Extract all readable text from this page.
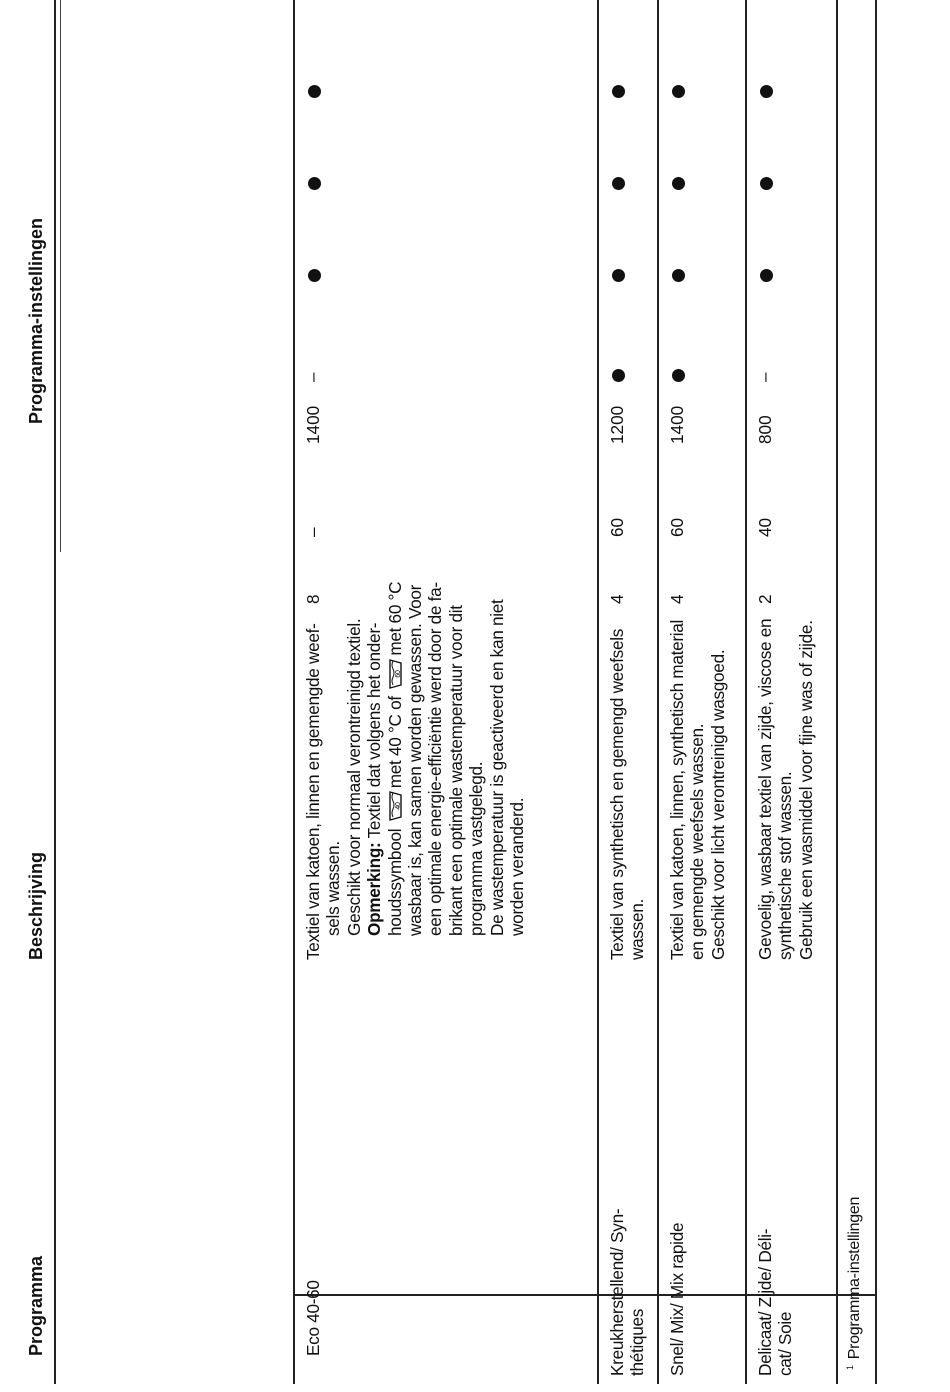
Programma
Beschrijving
Programma-instellingen
Eco 40-60
Textiel van katoen, linnen en gemengde weef- sels wassen. Geschikt voor normaal verontreinigd textiel. Opmerking: Textiel dat volgens het onder-
houdssymbool
40
met 40 °C of
60
met 60 °C wasbaar is, kan samen worden gewassen. Voor een optimale energie-efficiëntie werd door de fa- brikant een optimale wastemperatuur voor dit programma vastgelegd. De wastemperatuur is geactiveerd en kan niet worden veranderd.
8
–
1400
–
Kreukherstellend/ Syn- thétiques
Textiel van synthetisch en gemengd weefsels wassen.
4
60
1200
Snel/ Mix/ Mix rapide
Textiel van katoen, linnen, synthetisch material en gemengde weefsels wassen. Geschikt voor licht verontreinigd wasgoed.
4
60
1400
Delicaat/ Zijde/ Déli- cat/ Soie
Gevoelig, wasbaar textiel van zijde, viscose en synthetische stof wassen. Gebruik een wasmiddel voor fijne was of zijde.
2
40
800
–
$^1$Programma-instellingen
